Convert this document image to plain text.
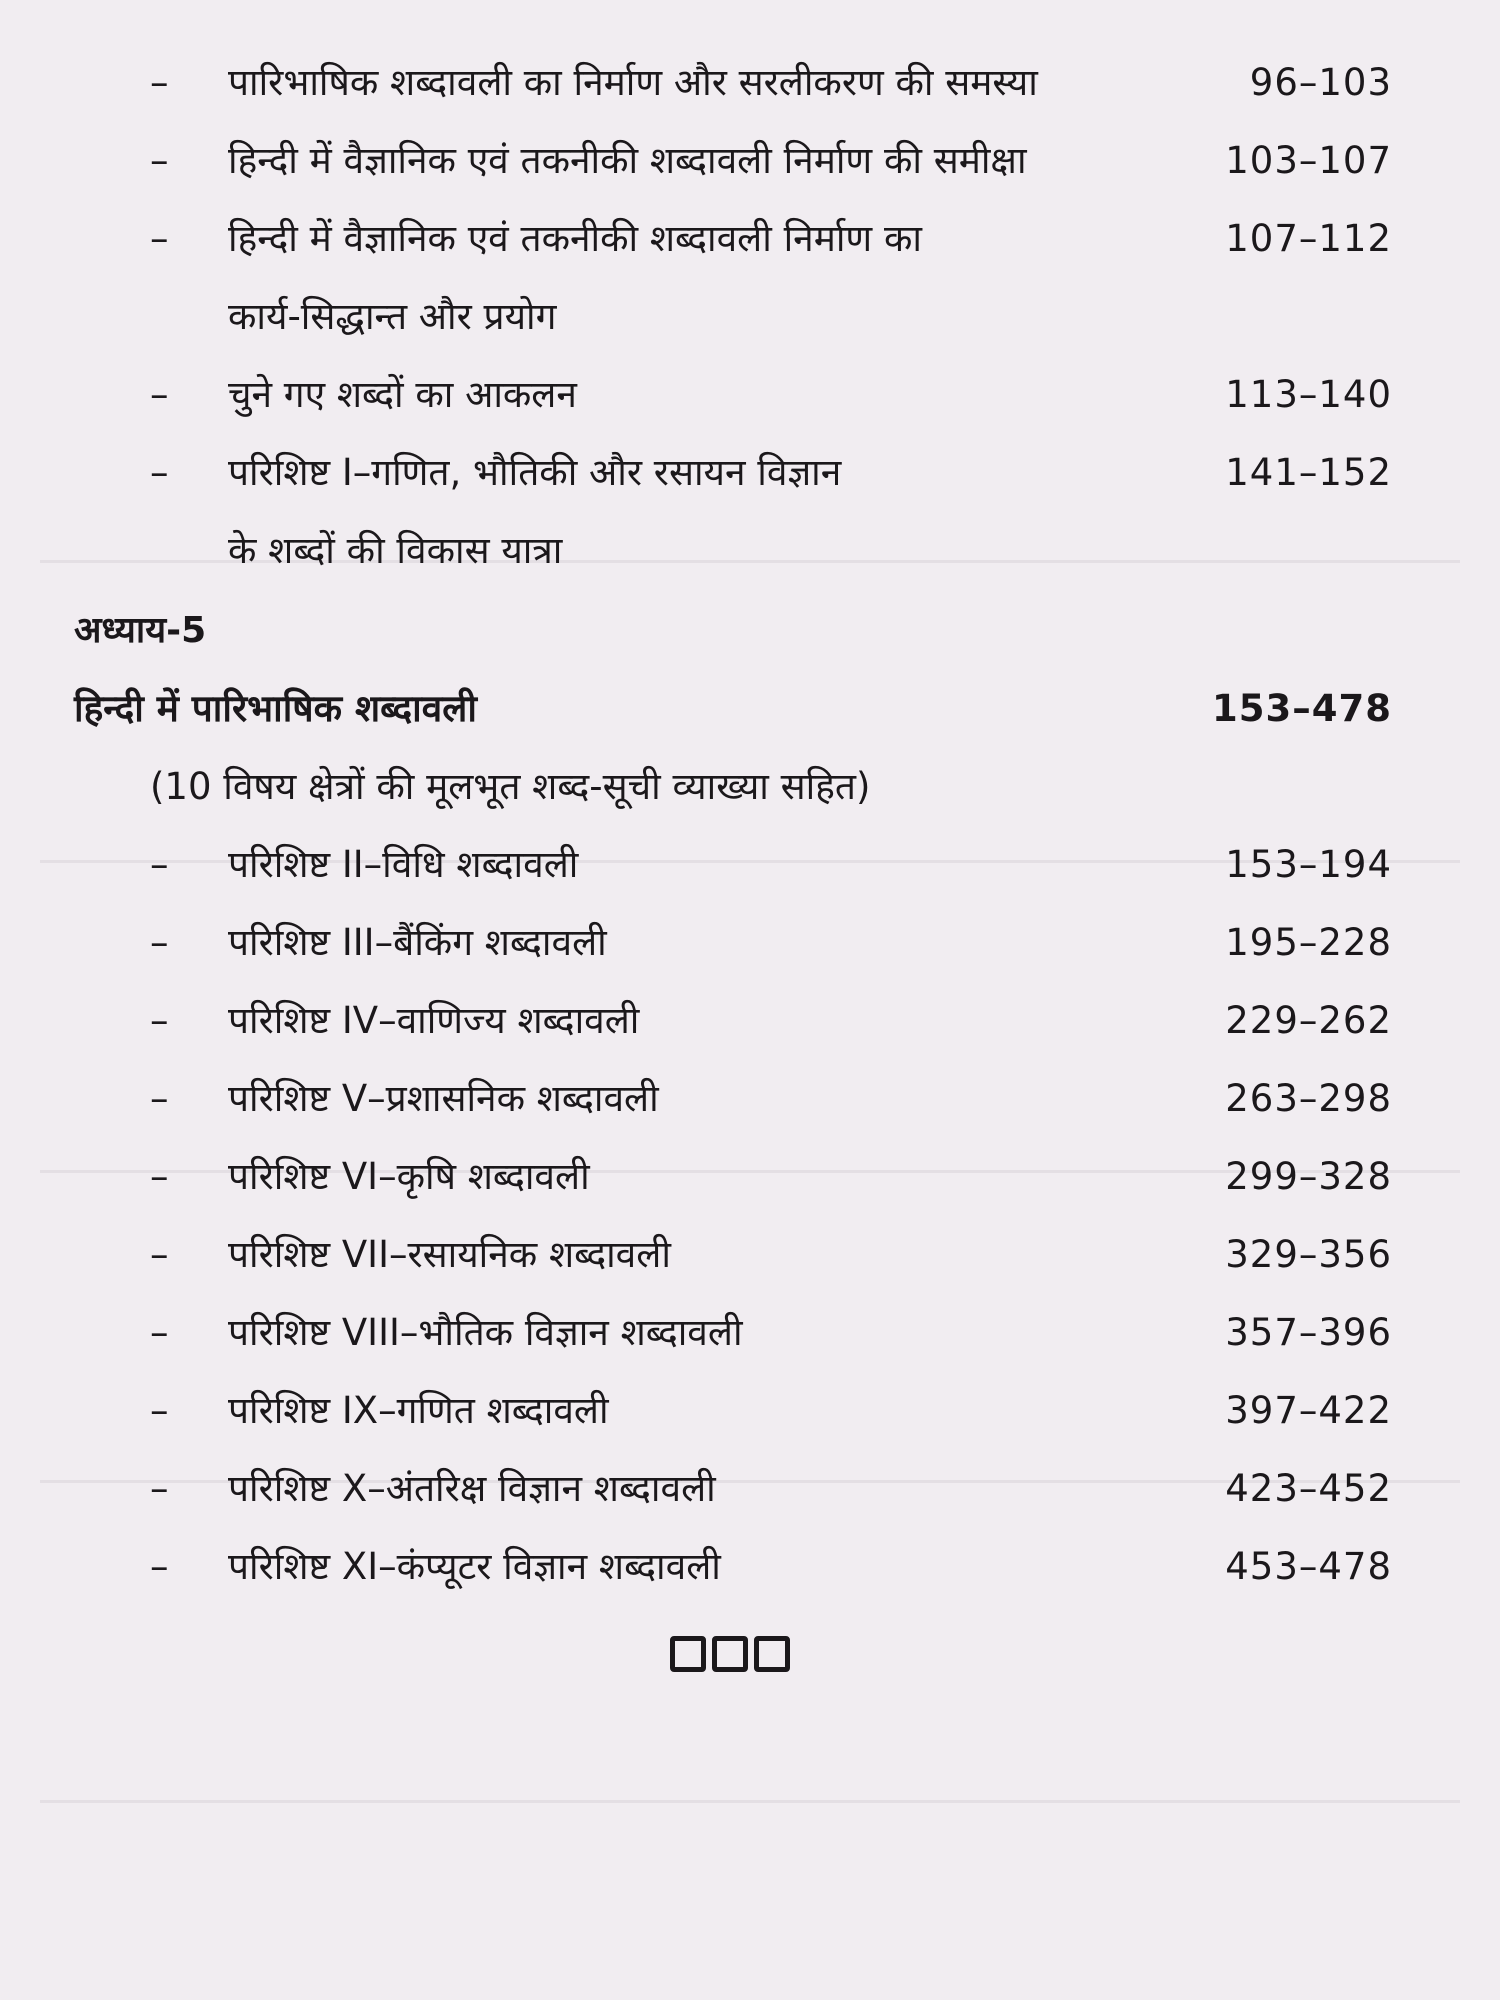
– पारिभाषिक शब्दावली का निर्माण और सरलीकरण की समस्या	96–103
– हिन्दी में वैज्ञानिक एवं तकनीकी शब्दावली निर्माण की समीक्षा	103–107
– हिन्दी में वैज्ञानिक एवं तकनीकी शब्दावली निर्माण का	107–112
कार्य-सिद्धान्त और प्रयोग
– चुने गए शब्दों का आकलन	113–140
– परिशिष्ट I–गणित, भौतिकी और रसायन विज्ञान	141–152
के शब्दों की विकास यात्रा
अध्याय-5
हिन्दी में पारिभाषिक शब्दावली	153–478
(10 विषय क्षेत्रों की मूलभूत शब्द-सूची व्याख्या सहित)
– परिशिष्ट II–विधि शब्दावली	153–194
– परिशिष्ट III–बैंकिंग शब्दावली	195–228
– परिशिष्ट IV–वाणिज्य शब्दावली	229–262
– परिशिष्ट V–प्रशासनिक शब्दावली	263–298
– परिशिष्ट VI–कृषि शब्दावली	299–328
– परिशिष्ट VII–रसायनिक शब्दावली	329–356
– परिशिष्ट VIII–भौतिक विज्ञान शब्दावली	357–396
– परिशिष्ट IX–गणित शब्दावली	397–422
– परिशिष्ट X–अंतरिक्ष विज्ञान शब्दावली	423–452
– परिशिष्ट XI–कंप्यूटर विज्ञान शब्दावली	453–478
